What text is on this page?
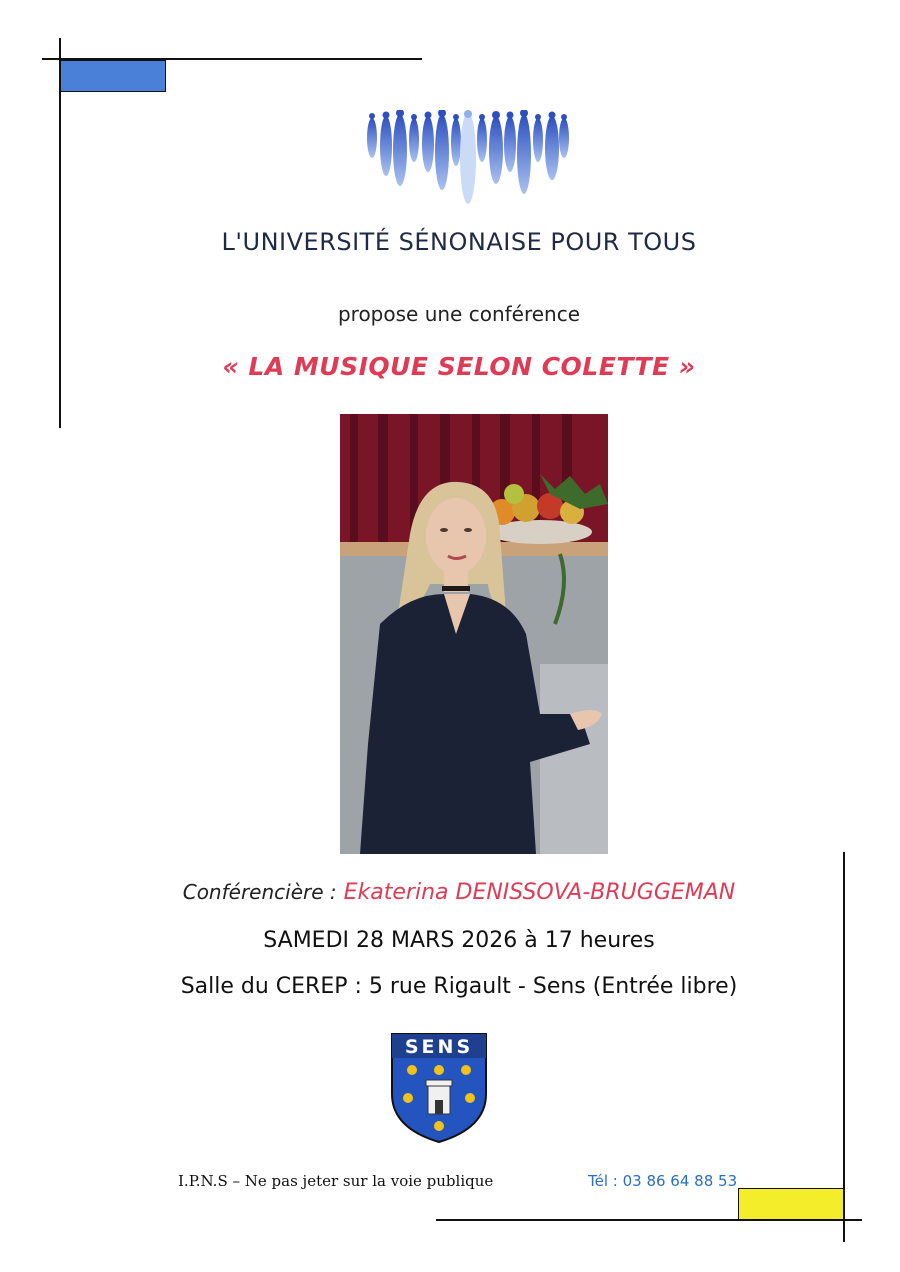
L'UNIVERSITÉ SÉNONAISE POUR TOUS
propose une conférence
« LA MUSIQUE SELON COLETTE »
Conférencière : Ekaterina DENISSOVA-BRUGGEMAN
SAMEDI 28 MARS 2026 à 17 heures
Salle du CEREP : 5 rue Rigault - Sens (Entrée libre)
SENS
I.P.N.S – Ne pas jeter sur la voie publique	Tél : 03 86 64 88 53
